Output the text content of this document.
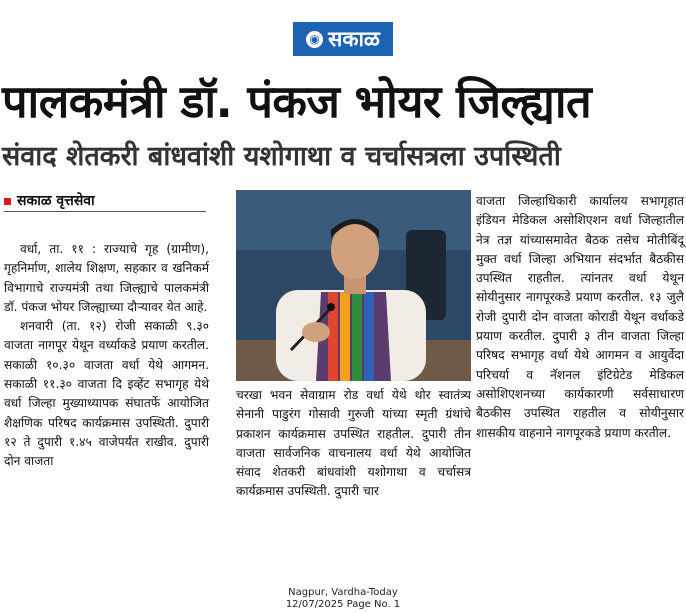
◉ सकाळ
पालकमंत्री डॉ. पंकज भोयर जिल्ह्यात
संवाद शेतकरी बांधवांशी यशोगाथा व चर्चासत्रला उपस्थिती
सकाळ वृत्तसेवा

वर्धा, ता. ११ : राज्याचे गृह (ग्रामीण), गृहनिर्माण, शालेय शिक्षण, सहकार व खनिकर्म विभागाचे राज्यमंत्री तथा जिल्ह्याचे पालकमंत्री डॉ. पंकज भोयर जिल्ह्याच्या दौऱ्यावर येत आहे.

शनवारी (ता. १२) रोजी सकाळी ९.३० वाजता नागपूर येथून वर्ध्याकडे प्रयाण करतील. सकाळी १०.३० वाजता वर्धा येथे आगमन. सकाळी ११.३० वाजता दि इव्हेंट सभागृह येथे वर्धा जिल्हा मुख्याध्यापक संघातर्फे आयोजित शैक्षणिक परिषद कार्यक्रमास उपस्थिती. दुपारी १२ ते दुपारी १.४५ वाजेपर्यंत राखीव. दुपारी दोन वाजता

चरखा भवन सेवाग्राम रोड वर्धा येथे थोर स्वातंत्र्य सेनानी पाडुरंग गोसावी गुरुजी यांच्या स्मृती ग्रंथांचे प्रकाशन कार्यक्रमास उपस्थित राहतील. दुपारी तीन वाजता सार्वजनिक वाचनालय वर्धा येथे आयोजित संवाद शेतकरी बांधवांशी यशोगाथा व चर्चासत्र कार्यक्रमास उपस्थिती. दुपारी चार

वाजता जिल्हाधिकारी कार्यालय सभागृहात इंडियन मेडिकल असोशिएशन वर्धा जिल्हातील नेत्र तज्ञ यांच्यासमावेत बैठक तसेच मोतीबिंदू मुक्त वर्धा जिल्हा अभियान संदर्भात बैठकीस उपस्थित राहतील. त्यांनतर वर्धा येथून सोयीनुसार नागपूरकडे प्रयाण करतील. १३ जुलै रोजी दुपारी दोन वाजता कोराडी येथून वर्धाकडे प्रयाण करतील. दुपारी ३ तीन वाजता जिल्हा परिषद सभागृह वर्धा येथे आगमन व आयुर्वेदा परिचर्या व नॅशनल इंटिग्रेटेड मेडिकल असोशिएशनच्या कार्यकारणी सर्वसाधारण बैठकीस उपस्थित राहतील व सोयीनुसार शासकीय वाहनाने नागपूरकडे प्रयाण करतील.

Nagpur, Vardha-Today
12/07/2025 Page No. 1
